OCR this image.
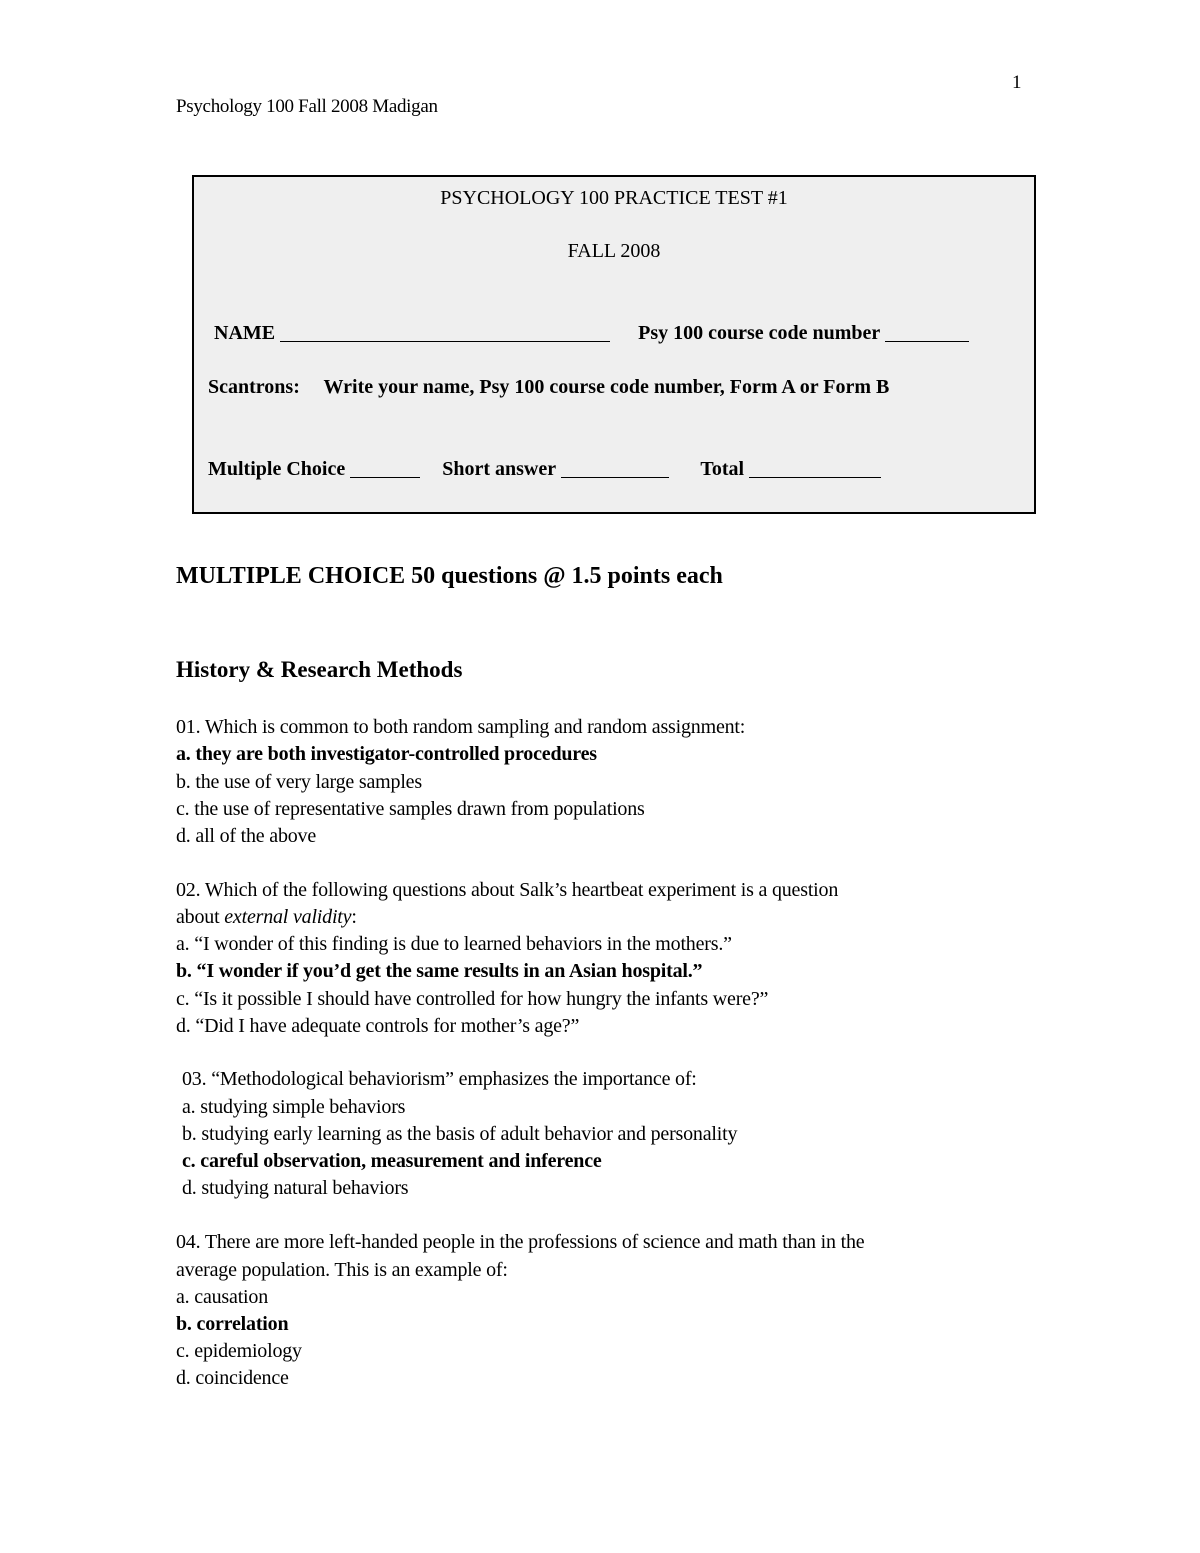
1
Psychology 100 Fall 2008 Madigan
PSYCHOLOGY 100 PRACTICE TEST #1
FALL 2008
NAME	Psy 100 course code number
Scantrons: Write your name, Psy 100 course code number, Form A or Form B
Multiple Choice	Short answer	Total
MULTIPLE CHOICE 50 questions @ 1.5 points each
History & Research Methods
01. Which is common to both random sampling and random assignment:
a. they are both investigator-controlled procedures
b. the use of very large samples
c. the use of representative samples drawn from populations
d. all of the above
02. Which of the following questions about Salk’s heartbeat experiment is a question
about external validity:
a. “I wonder of this finding is due to learned behaviors in the mothers.”
b. “I wonder if you’d get the same results in an Asian hospital.”
c. “Is it possible I should have controlled for how hungry the infants were?”
d. “Did I have adequate controls for mother’s age?”
03. “Methodological behaviorism” emphasizes the importance of:
a. studying simple behaviors
b. studying early learning as the basis of adult behavior and personality
c. careful observation, measurement and inference
d. studying natural behaviors
04. There are more left-handed people in the professions of science and math than in the
average population. This is an example of:
a. causation
b. correlation
c. epidemiology
d. coincidence
